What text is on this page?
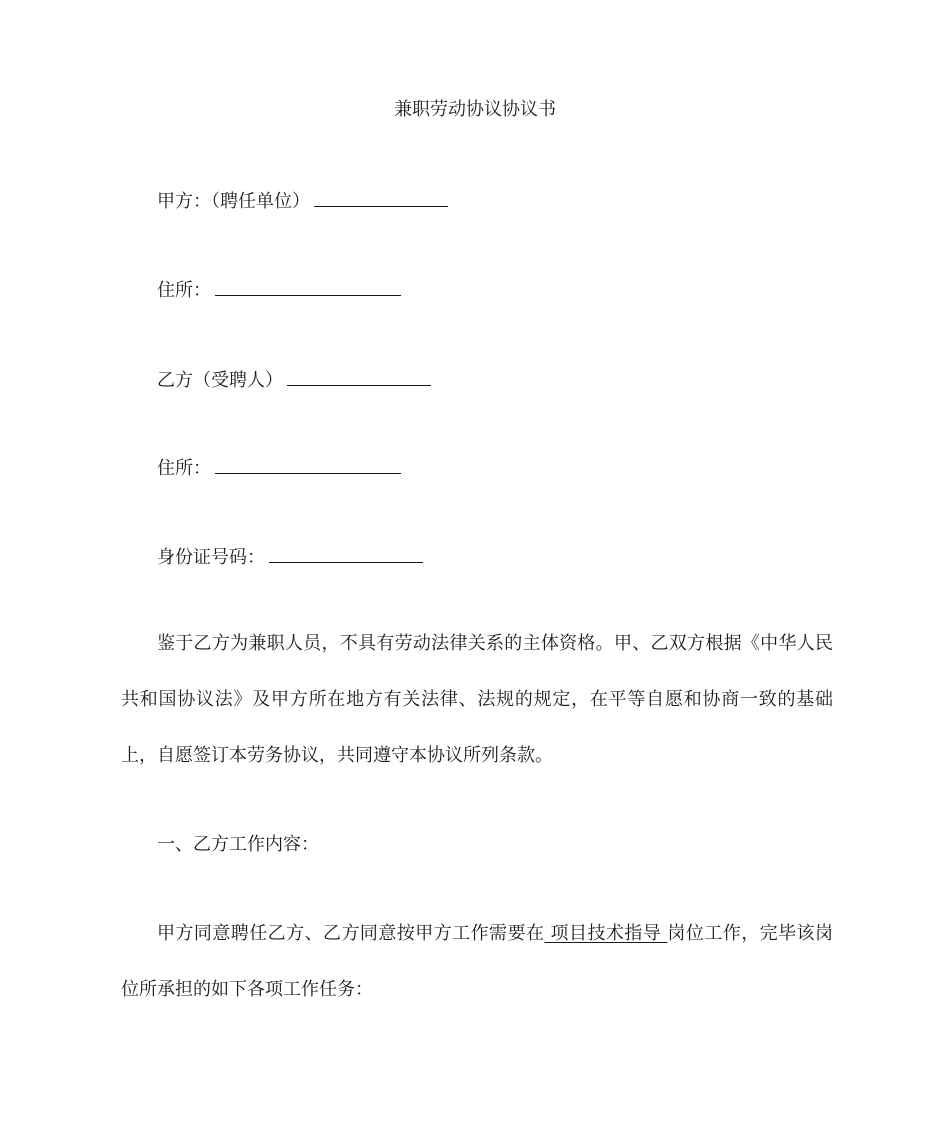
兼职劳动协议协议书
甲方：（聘任单位）
住所：
乙方（受聘人）
住所：
身份证号码：
鉴于乙方为兼职人员，不具有劳动法律关系的主体资格。甲、乙双方根据《中华人民共和国协议法》及甲方所在地方有关法律、法规的规定，在平等自愿和协商一致的基础上，自愿签订本劳务协议，共同遵守本协议所列条款。
一、乙方工作内容：
甲方同意聘任乙方、乙方同意按甲方工作需要在 项目技术指导 岗位工作，完毕该岗位所承担的如下各项工作任务：
